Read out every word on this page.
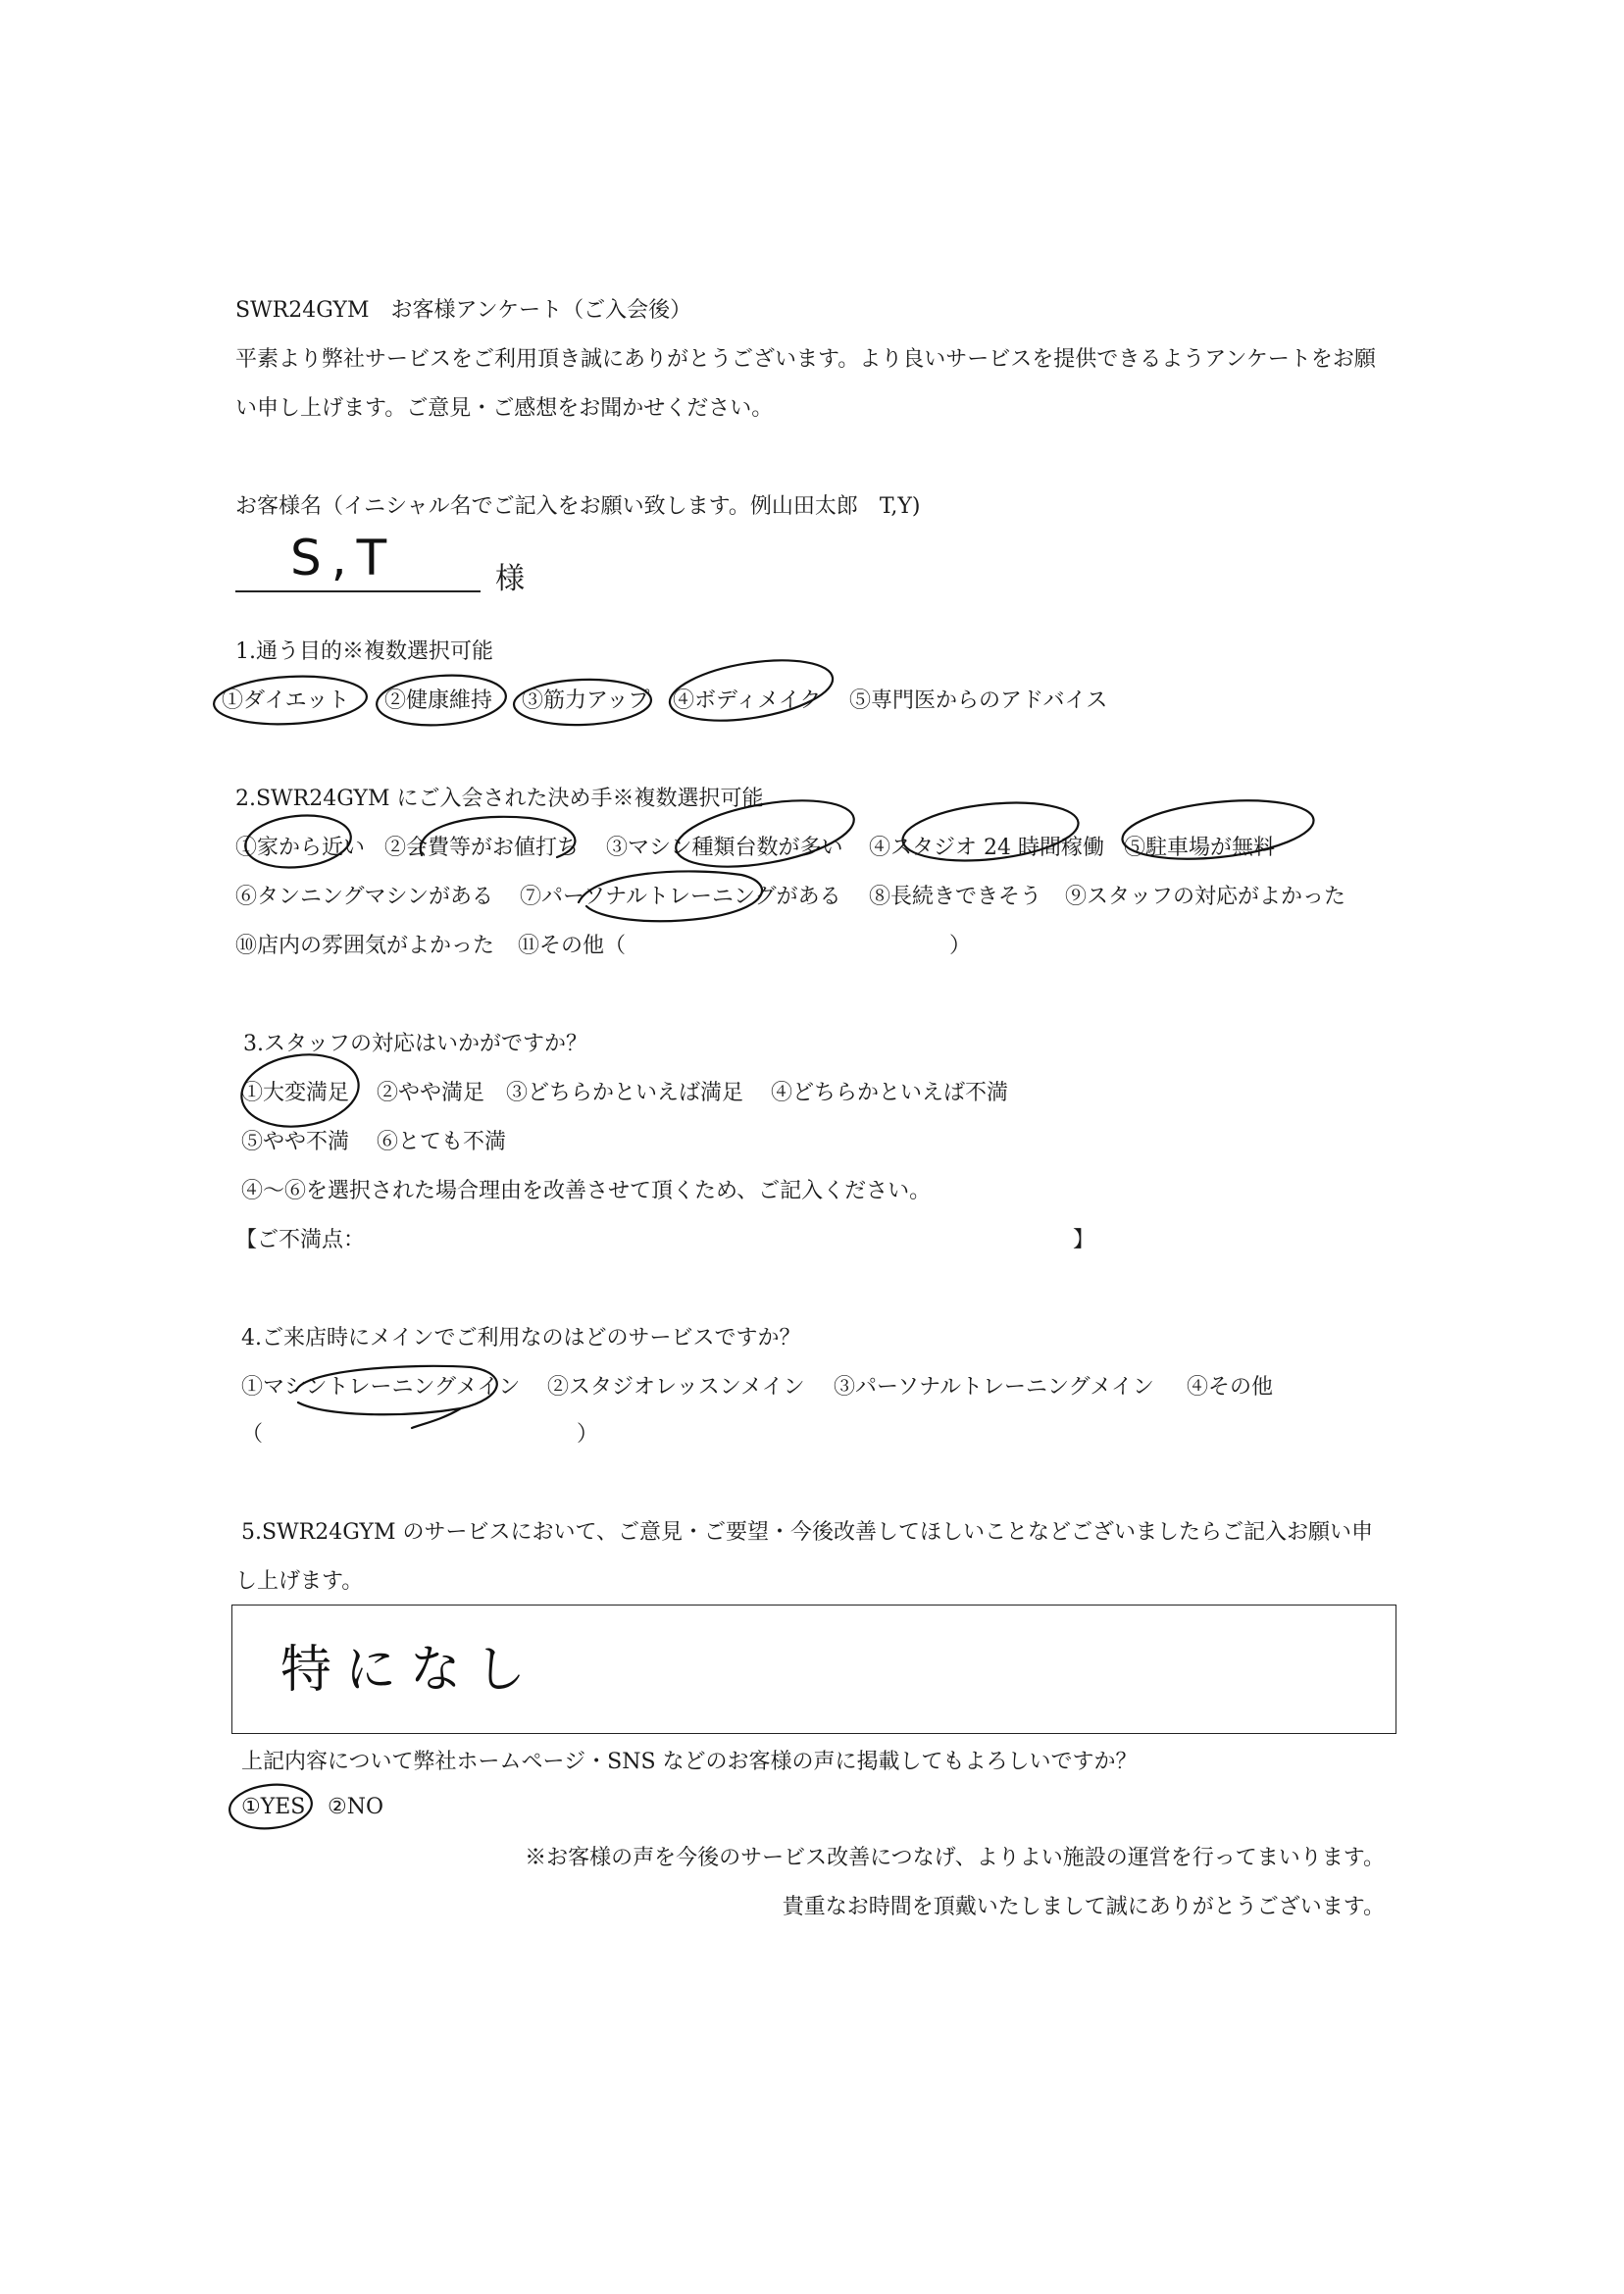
SWR24GYM　お客様アンケート（ご入会後）
平素より弊社サービスをご利用頂き誠にありがとうございます。より良いサービスを提供できるようアンケートをお願
い申し上げます。ご意見・ご感想をお聞かせください。
お客様名（イニシャル名でご記入をお願い致します。例山田太郎　T,Y)
S,T	様
1.通う目的※複数選択可能
①ダイエット ②健康維持 ③筋力アップ ④ボディメイク ⑤専門医からのアドバイス
2.SWR24GYM にご入会された決め手※複数選択可能
①家から近い ②会費等がお値打ち ③マシン種類台数が多い ④スタジオ 24 時間稼働 ⑤駐車場が無料
⑥タンニングマシンがある ⑦パーソナルトレーニングがある ⑧長続きできそう ⑨スタッフの対応がよかった
⑩店内の雰囲気がよかった ⑪その他（	）
3.スタッフの対応はいかがですか？
①大変満足 ②やや満足 ③どちらかといえば満足 ④どちらかといえば不満
⑤やや不満 ⑥とても不満
④～⑥を選択された場合理由を改善させて頂くため、ご記入ください。
【ご不満点：	】
4.ご来店時にメインでご利用なのはどのサービスですか？
①マシントレーニングメイン ②スタジオレッスンメイン ③パーソナルトレーニングメイン ④その他
（	）
5.SWR24GYM のサービスにおいて、ご意見・ご要望・今後改善してほしいことなどございましたらご記入お願い申
し上げます。
特になし
上記内容について弊社ホームページ・SNS などのお客様の声に掲載してもよろしいですか？
①YES ②NO
※お客様の声を今後のサービス改善につなげ、よりよい施設の運営を行ってまいります。
貴重なお時間を頂戴いたしまして誠にありがとうございます。
